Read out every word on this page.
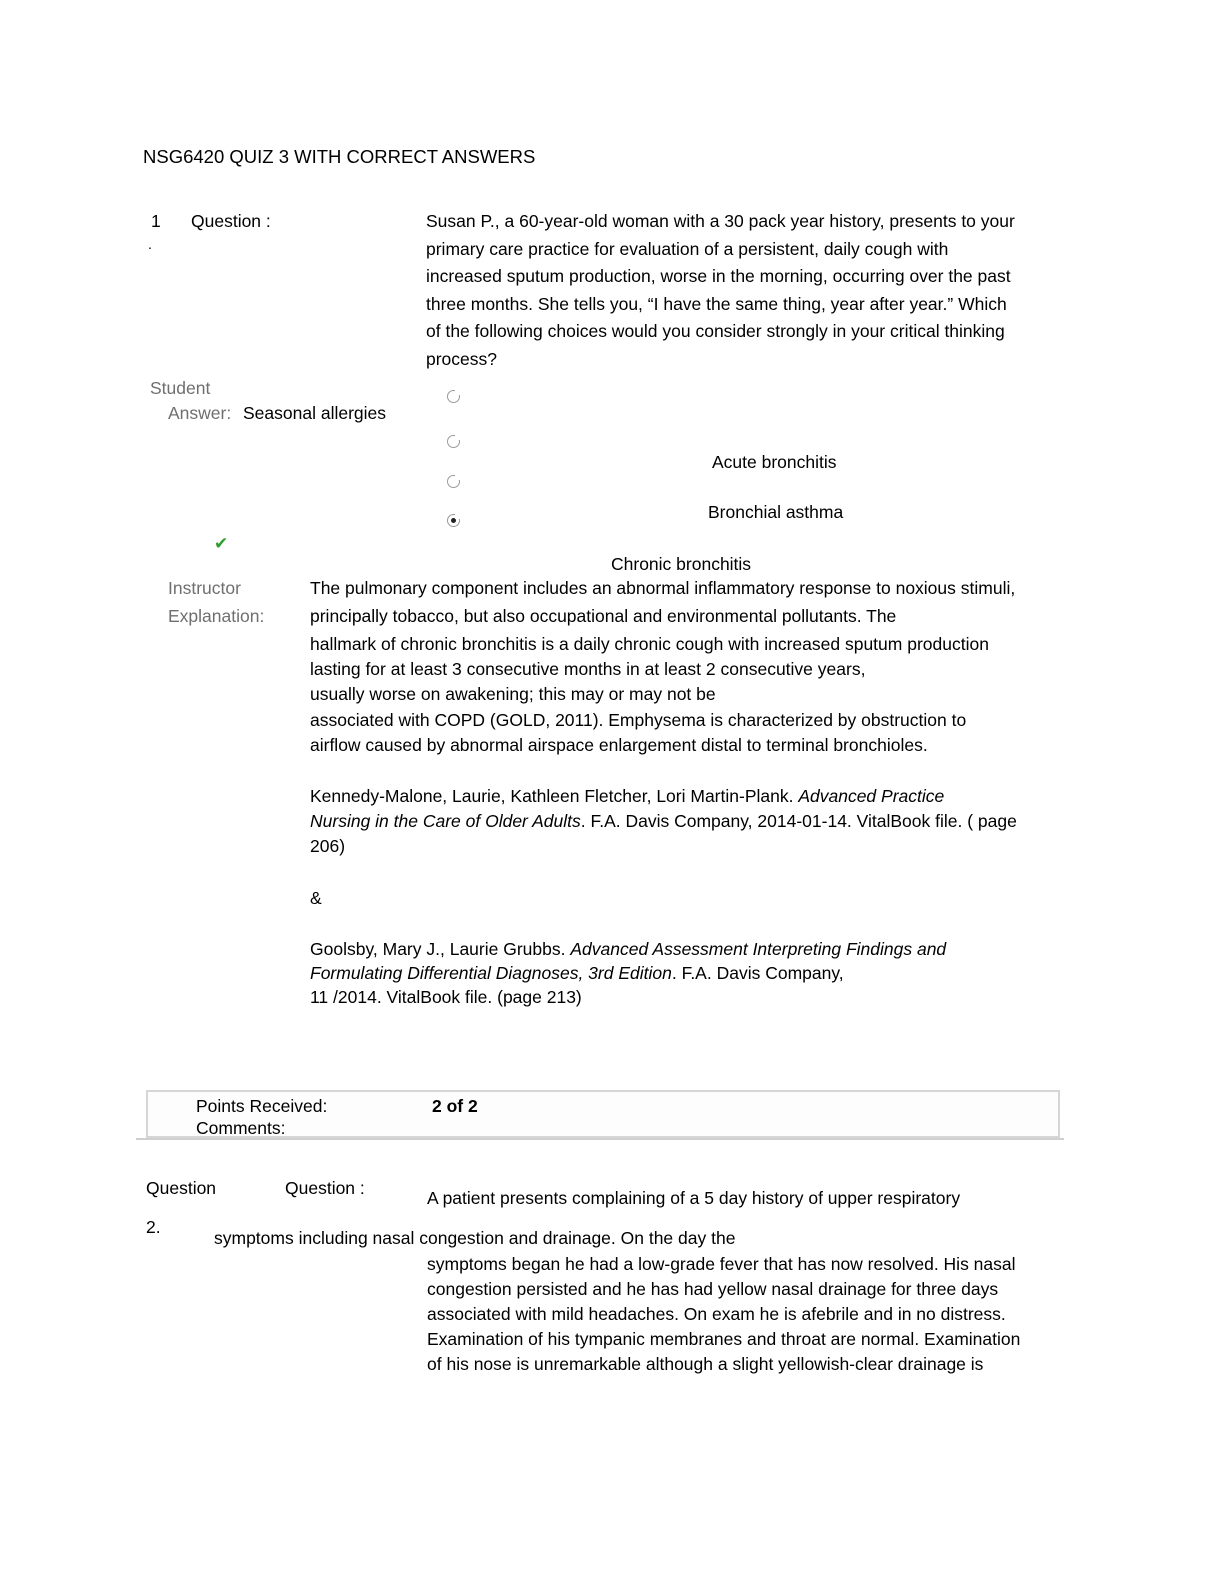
NSG6420 QUIZ 3 WITH CORRECT ANSWERS
1
.
Question :	Susan P., a 60-year-old woman with a 30 pack year history, presents to your
primary care practice for evaluation of a persistent, daily cough with
increased sputum production, worse in the morning, occurring over the past
three months. She tells you, “I have the same thing, year after year.” Which
of the following choices would you consider strongly in your critical thinking
process?
Student
Answer: Seasonal allergies
Acute bronchitis
Bronchial asthma
✔
Chronic bronchitis
Instructor
Explanation:
The pulmonary component includes an abnormal inflammatory response to noxious stimuli,
principally tobacco, but also occupational and environmental pollutants. The
hallmark of chronic bronchitis is a daily chronic cough with increased sputum production
lasting for at least 3 consecutive months in at least 2 consecutive years,
usually worse on awakening; this may or may not be
associated with COPD (GOLD, 2011). Emphysema is characterized by obstruction to
airflow caused by abnormal airspace enlargement distal to terminal bronchioles.
Kennedy-Malone, Laurie, Kathleen Fletcher, Lori Martin-Plank. Advanced Practice
Nursing in the Care of Older Adults. F.A. Davis Company, 2014-01-14. VitalBook file. ( page
206)
&
Goolsby, Mary J., Laurie Grubbs. Advanced Assessment Interpreting Findings and
Formulating Differential Diagnoses, 3rd Edition. F.A. Davis Company,
11 /2014. VitalBook file. (page 213)
Points Received:	2 of 2
Comments:
Question
2.
Question :	A patient presents complaining of a 5 day history of upper respiratory
symptoms including nasal congestion and drainage. On the day the
symptoms began he had a low-grade fever that has now resolved. His nasal
congestion persisted and he has had yellow nasal drainage for three days
associated with mild headaches. On exam he is afebrile and in no distress.
Examination of his tympanic membranes and throat are normal. Examination
of his nose is unremarkable although a slight yellowish-clear drainage is
